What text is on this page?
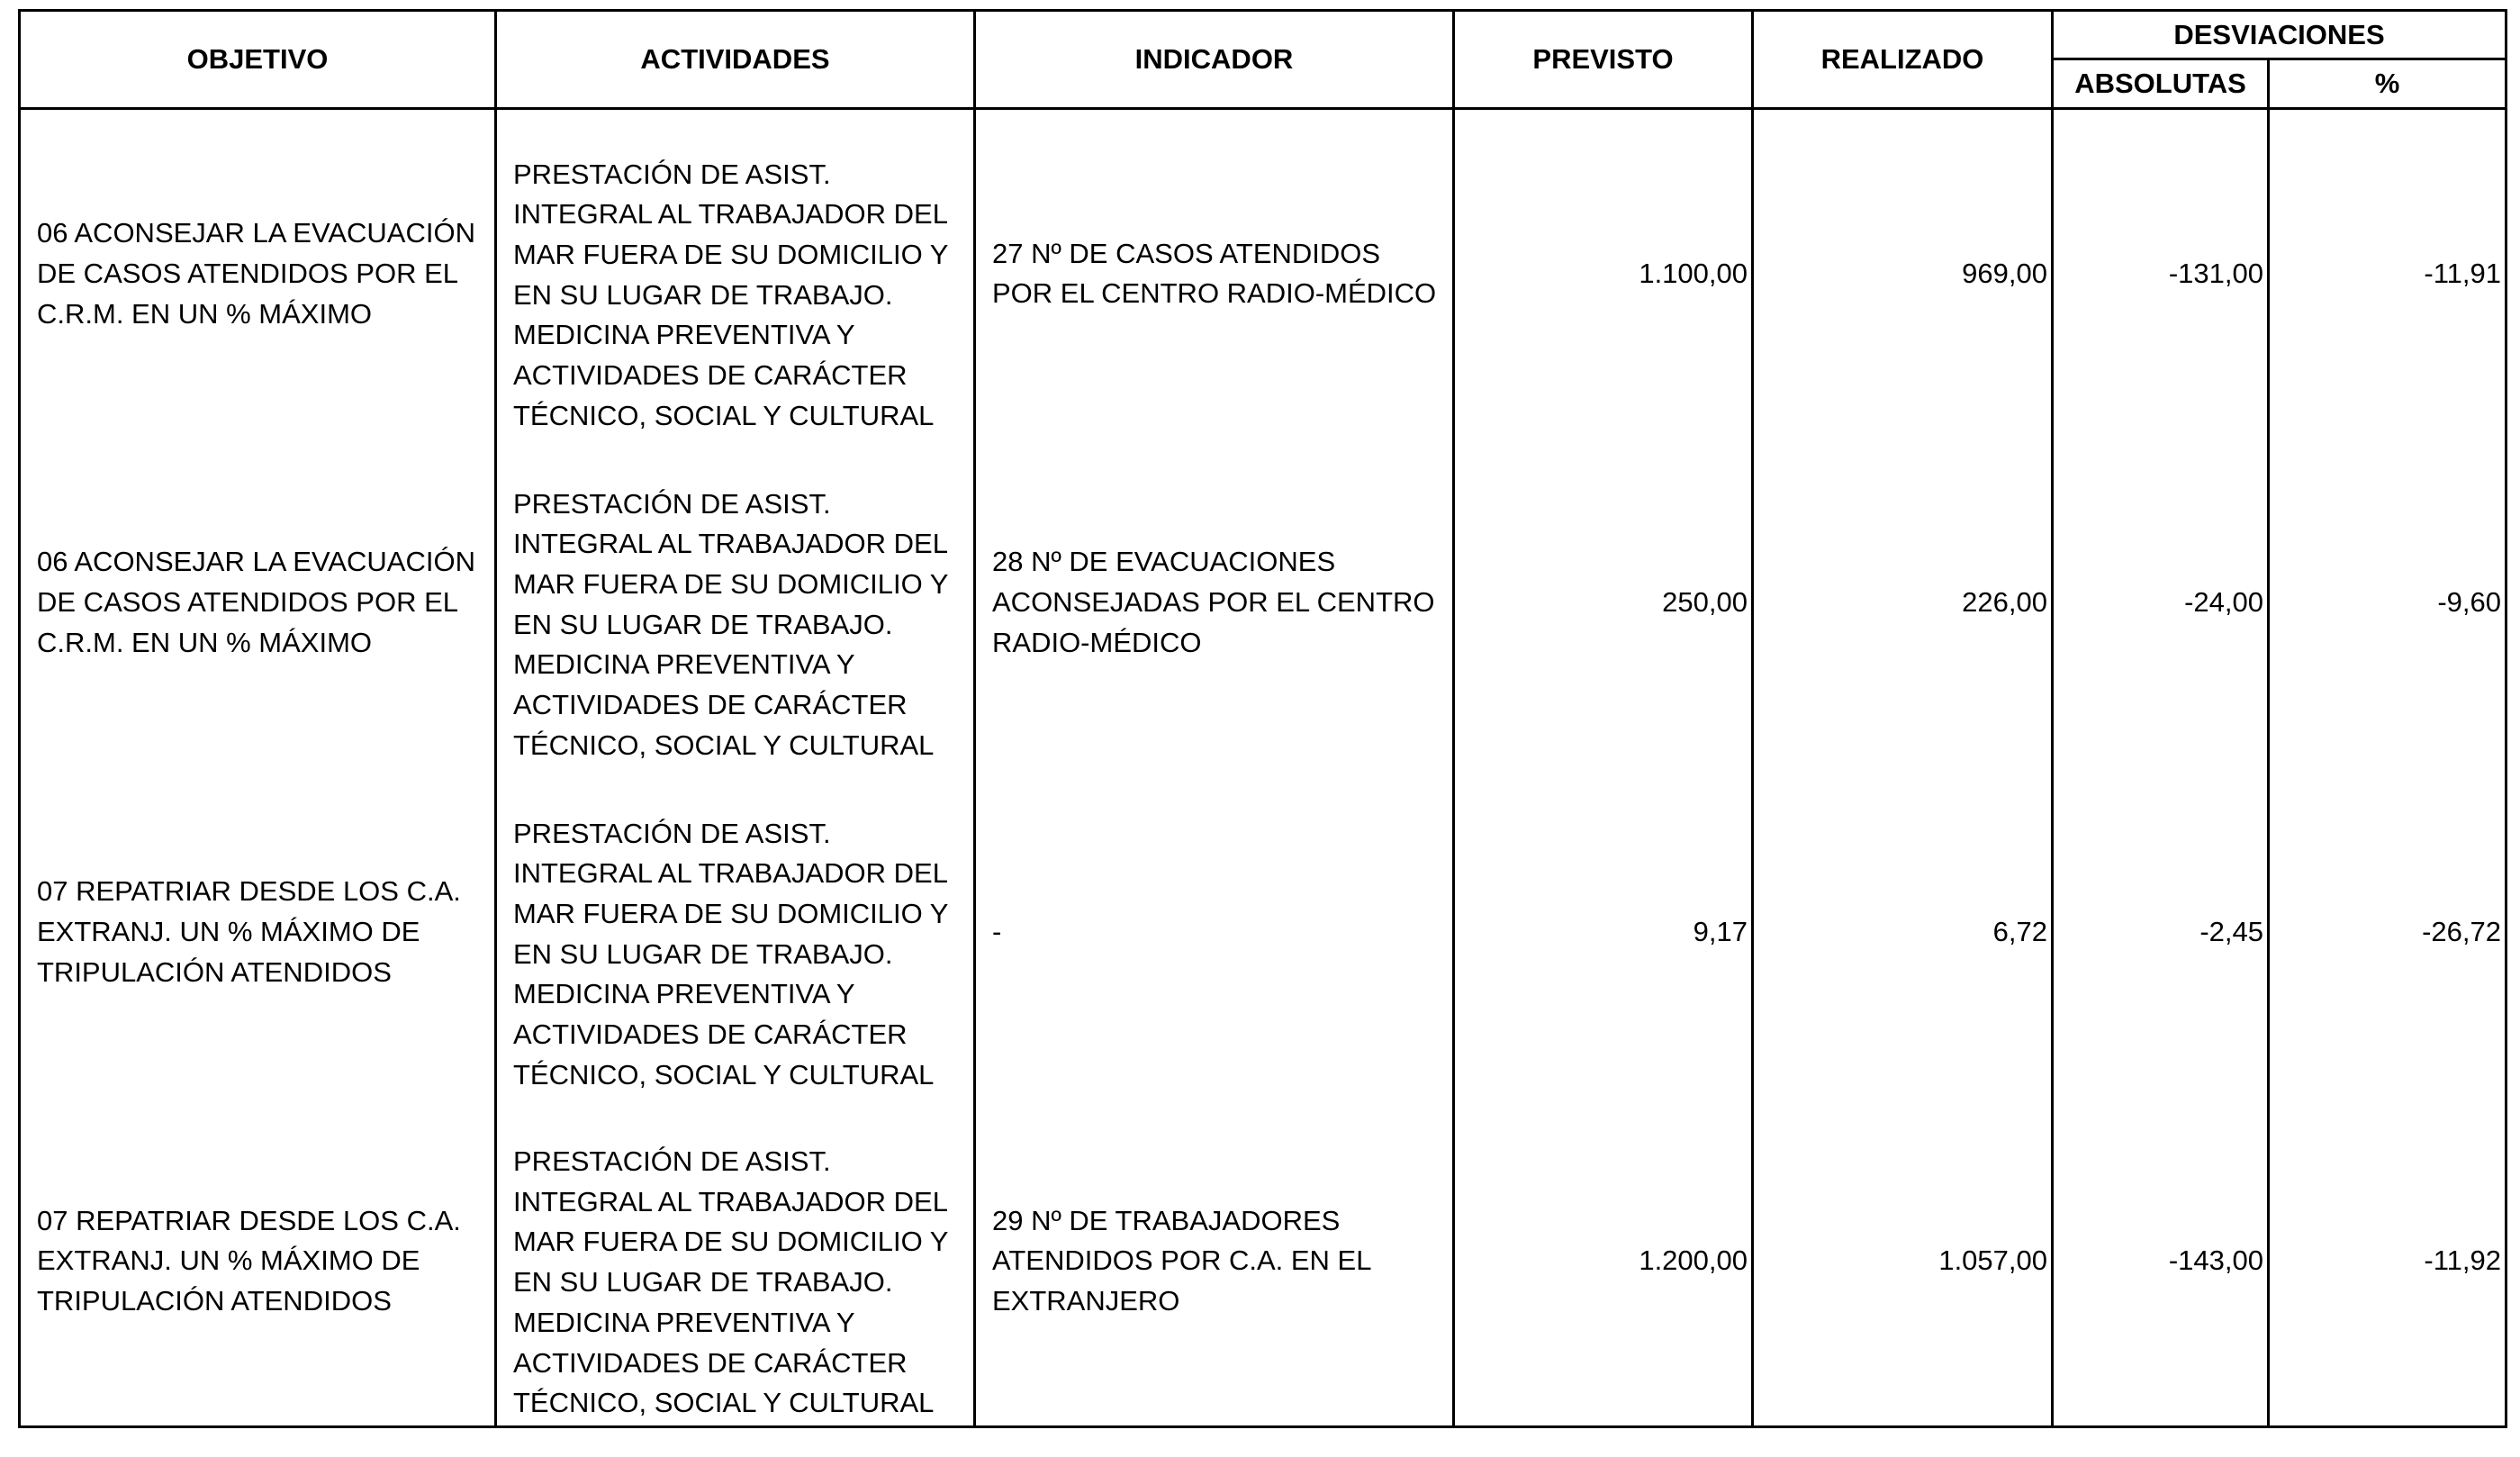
OBJETIVO	ACTIVIDADES	INDICADOR	PREVISTO	REALIZADO	DESVIACIONES	
					ABSOLUTAS	%
06 ACONSEJAR LA EVACUACIÓN DE CASOS ATENDIDOS POR EL C.R.M. EN UN % MÁXIMO	PRESTACIÓN DE ASIST. INTEGRAL AL TRABAJADOR DEL MAR FUERA DE SU DOMICILIO Y EN SU LUGAR DE TRABAJO. MEDICINA PREVENTIVA Y ACTIVIDADES DE CARÁCTER TÉCNICO, SOCIAL Y CULTURAL	27 Nº DE CASOS ATENDIDOS POR EL CENTRO RADIO-MÉDICO	1.100,00	969,00	-131,00	-11,91
06 ACONSEJAR LA EVACUACIÓN DE CASOS ATENDIDOS POR EL C.R.M. EN UN % MÁXIMO	PRESTACIÓN DE ASIST. INTEGRAL AL TRABAJADOR DEL MAR FUERA DE SU DOMICILIO Y EN SU LUGAR DE TRABAJO. MEDICINA PREVENTIVA Y ACTIVIDADES DE CARÁCTER TÉCNICO, SOCIAL Y CULTURAL	28 Nº DE EVACUACIONES ACONSEJADAS POR EL CENTRO RADIO-MÉDICO	250,00	226,00	-24,00	-9,60
07 REPATRIAR DESDE LOS C.A. EXTRANJ. UN % MÁXIMO DE TRIPULACIÓN ATENDIDOS	PRESTACIÓN DE ASIST. INTEGRAL AL TRABAJADOR DEL MAR FUERA DE SU DOMICILIO Y EN SU LUGAR DE TRABAJO. MEDICINA PREVENTIVA Y ACTIVIDADES DE CARÁCTER TÉCNICO, SOCIAL Y CULTURAL	-	9,17	6,72	-2,45	-26,72
07 REPATRIAR DESDE LOS C.A. EXTRANJ. UN % MÁXIMO DE TRIPULACIÓN ATENDIDOS	PRESTACIÓN DE ASIST. INTEGRAL AL TRABAJADOR DEL MAR FUERA DE SU DOMICILIO Y EN SU LUGAR DE TRABAJO. MEDICINA PREVENTIVA Y ACTIVIDADES DE CARÁCTER TÉCNICO, SOCIAL Y CULTURAL	29 Nº DE TRABAJADORES ATENDIDOS POR C.A. EN EL EXTRANJERO	1.200,00	1.057,00	-143,00	-11,92
